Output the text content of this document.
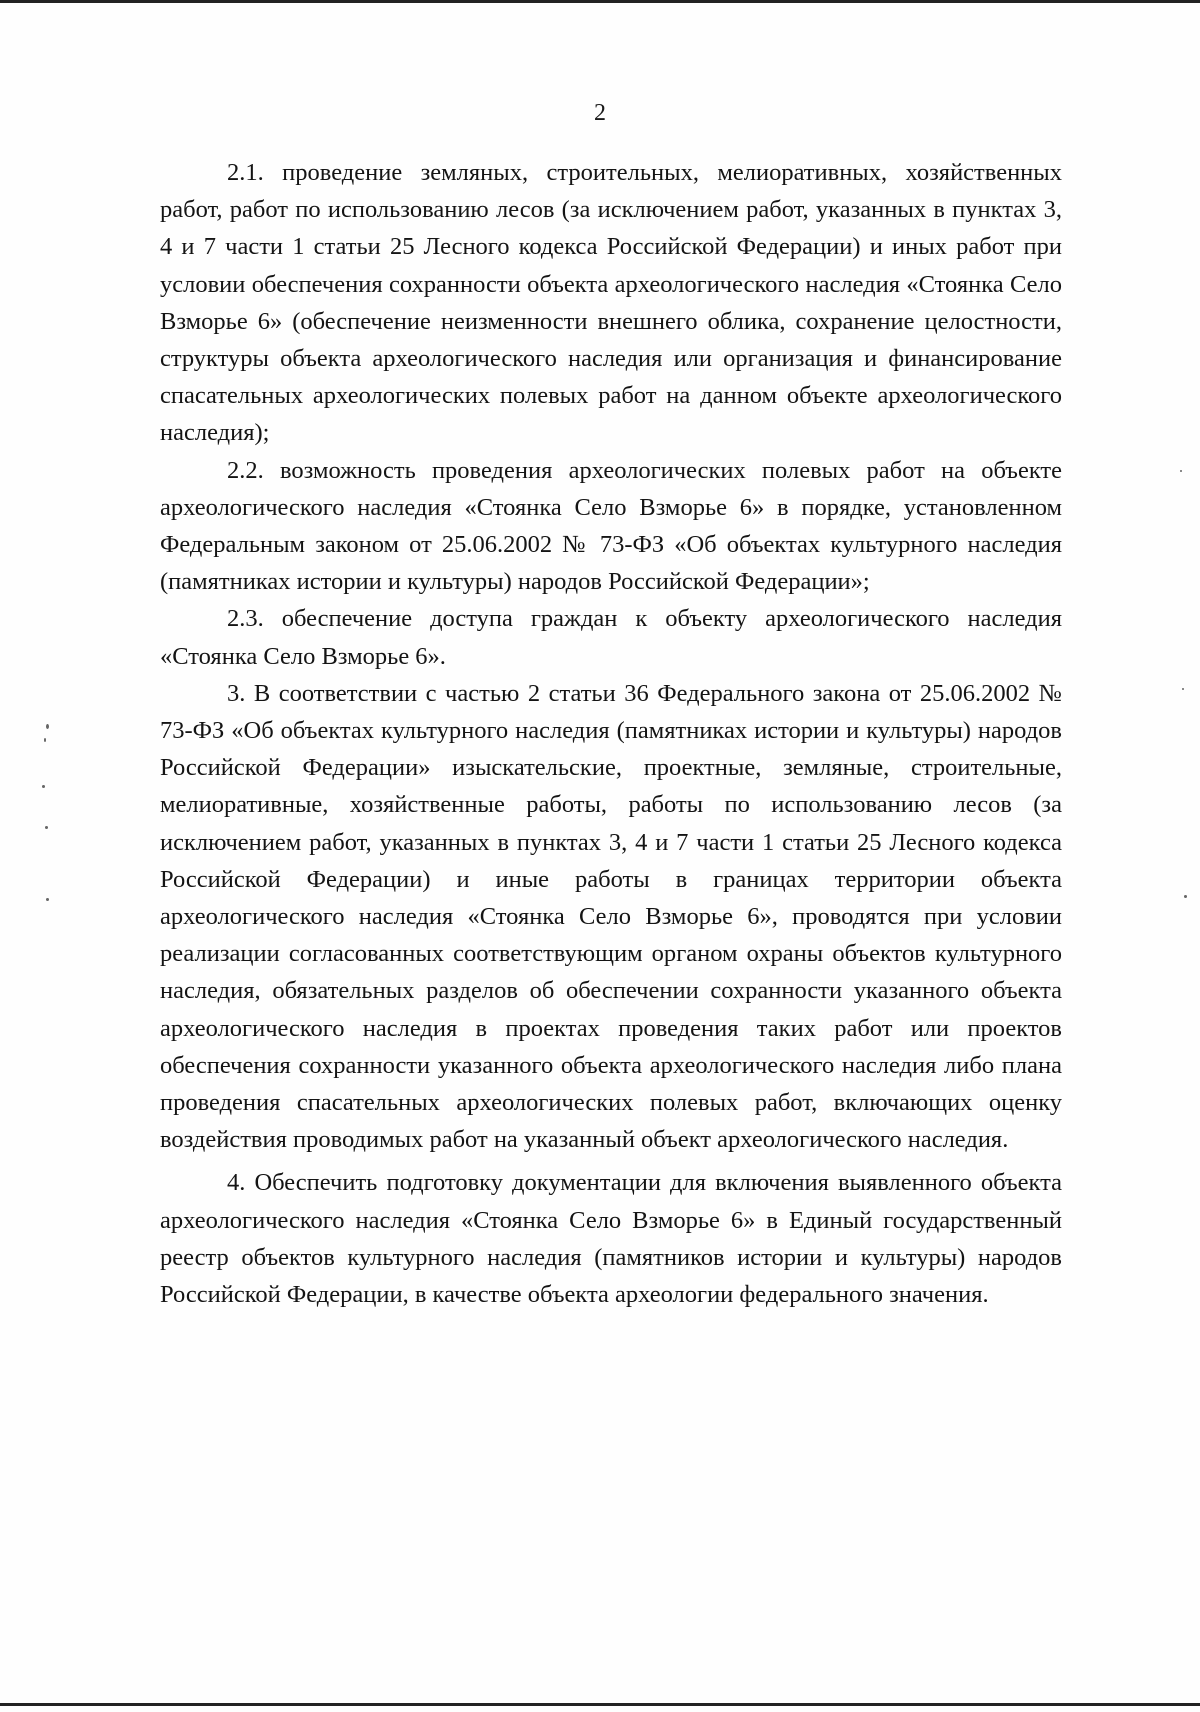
2

2.1. проведение земляных, строительных, мелиоративных, хозяйственных работ, работ по использованию лесов (за исключением работ, указанных в пунктах 3, 4 и 7 части 1 статьи 25 Лесного кодекса Российской Федерации) и иных работ при условии обеспечения сохранности объекта археологического наследия «Стоянка Село Взморье 6» (обеспечение неизменности внешнего облика, сохранение целостности, структуры объекта археологического наследия или организация и финансирование спасательных археологических полевых работ на данном объекте археологического наследия);

2.2. возможность проведения археологических полевых работ на объекте археологического наследия «Стоянка Село Взморье 6» в порядке, установленном Федеральным законом от 25.06.2002 № 73-ФЗ «Об объектах культурного наследия (памятниках истории и культуры) народов Российской Федерации»;

2.3. обеспечение доступа граждан к объекту археологического наследия «Стоянка Село Взморье 6».

3. В соответствии с частью 2 статьи 36 Федерального закона от 25.06.2002 № 73-ФЗ «Об объектах культурного наследия (памятниках истории и культуры) народов Российской Федерации» изыскательские, проектные, земляные, строительные, мелиоративные, хозяйственные работы, работы по использованию лесов (за исключением работ, указанных в пунктах 3, 4 и 7 части 1 статьи 25 Лесного кодекса Российской Федерации) и иные работы в границах территории объекта археологического наследия «Стоянка Село Взморье 6», проводятся при условии реализации согласованных соответствующим органом охраны объектов культурного наследия, обязательных разделов об обеспечении сохранности указанного объекта археологического наследия в проектах проведения таких работ или проектов обеспечения сохранности указанного объекта археологического наследия либо плана проведения спасательных археологических полевых работ, включающих оценку воздействия проводимых работ на указанный объект археологического наследия.

4. Обеспечить подготовку документации для включения выявленного объекта археологического наследия «Стоянка Село Взморье 6» в Единый государственный реестр объектов культурного наследия (памятников истории и культуры) народов Российской Федерации, в качестве объекта археологии федерального значения.
